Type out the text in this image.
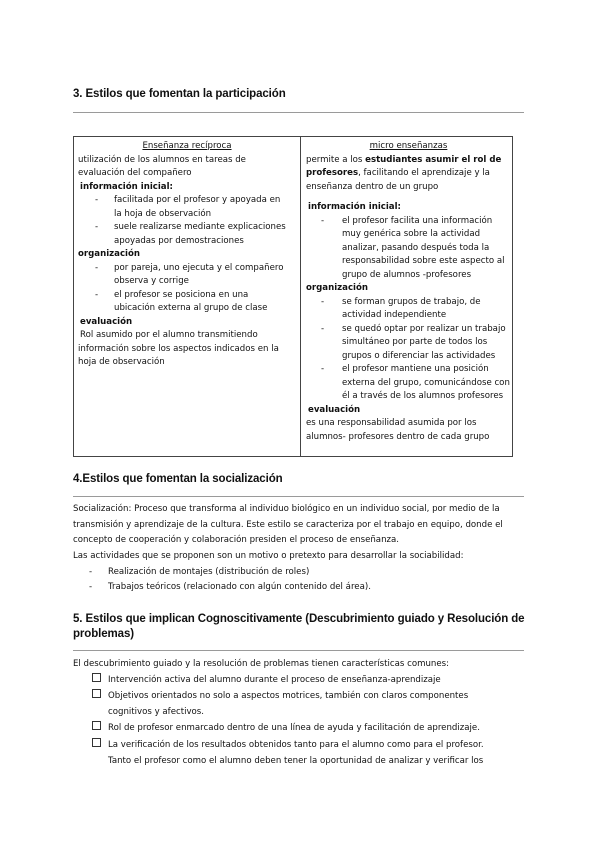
3. Estilos que fomentan la participación
Enseñanza recíproca
utilización de los alumnos en tareas de
evaluación del compañero
información inicial:
- facilitada por el profesor y apoyada en
la hoja de observación
- suele realizarse mediante explicaciones
apoyadas por demostraciones
organización
- por pareja, uno ejecuta y el compañero
observa y corrige
- el profesor se posiciona en una
ubicación externa al grupo de clase
evaluación
Rol asumido por el alumno transmitiendo
información sobre los aspectos indicados en la
hoja de observación
micro enseñanzas
permite a los estudiantes asumir el rol de
profesores, facilitando el aprendizaje y la
enseñanza dentro de un grupo
información inicial:
- el profesor facilita una información
muy genérica sobre la actividad
analizar, pasando después toda la
responsabilidad sobre este aspecto al
grupo de alumnos -profesores
organización
- se forman grupos de trabajo, de
actividad independiente
- se quedó optar por realizar un trabajo
simultáneo por parte de todos los
grupos o diferenciar las actividades
- el profesor mantiene una posición
externa del grupo, comunicándose con
él a través de los alumnos profesores
evaluación
es una responsabilidad asumida por los
alumnos- profesores dentro de cada grupo
4.Estilos que fomentan la socialización
Socialización: Proceso que transforma al individuo biológico en un individuo social, por medio de la
transmisión y aprendizaje de la cultura. Este estilo se caracteriza por el trabajo en equipo, donde el
concepto de cooperación y colaboración presiden el proceso de enseñanza.
Las actividades que se proponen son un motivo o pretexto para desarrollar la sociabilidad:
- Realización de montajes (distribución de roles)
- Trabajos teóricos (relacionado con algún contenido del área).
5. Estilos que implican Cognoscitivamente (Descubrimiento guiado y Resolución de
problemas)
El descubrimiento guiado y la resolución de problemas tienen características comunes:
Intervención activa del alumno durante el proceso de enseñanza-aprendizaje
Objetivos orientados no solo a aspectos motrices, también con claros componentes
cognitivos y afectivos.
Rol de profesor enmarcado dentro de una línea de ayuda y facilitación de aprendizaje.
La verificación de los resultados obtenidos tanto para el alumno como para el profesor.
Tanto el profesor como el alumno deben tener la oportunidad de analizar y verificar los
